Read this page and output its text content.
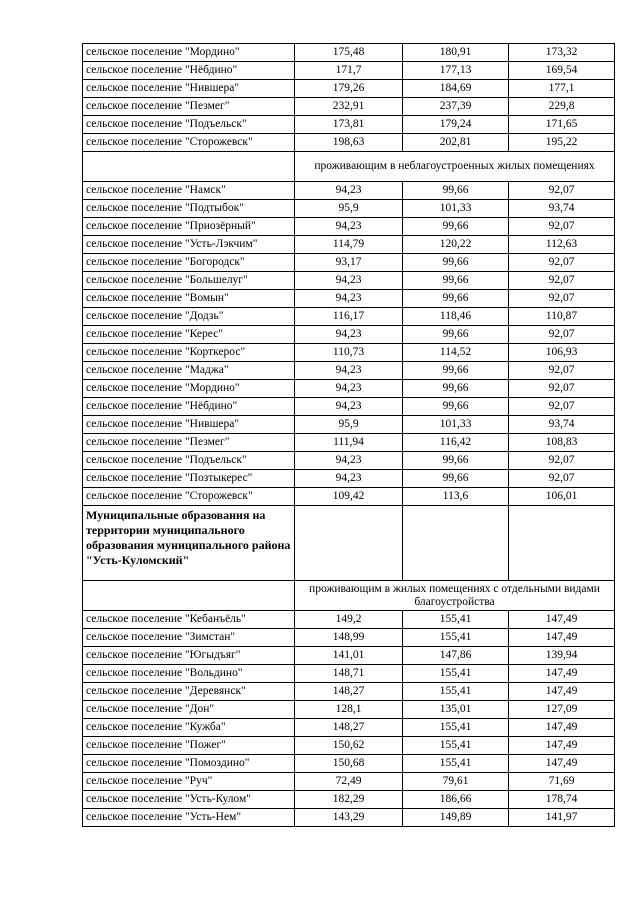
сельское поселение "Мордино"	175,48	180,91	173,32
сельское поселение "Нёбдино"	171,7	177,13	169,54
сельское поселение "Нившера"	179,26	184,69	177,1
сельское поселение "Пезмег"	232,91	237,39	229,8
сельское поселение "Подъельск"	173,81	179,24	171,65
сельское поселение "Сторожевск"	198,63	202,81	195,22
	проживающим в неблагоустроенных жилых помещениях		
сельское поселение "Намск"	94,23	99,66	92,07
сельское поселение "Подтыбок"	95,9	101,33	93,74
сельское поселение "Приозёрный"	94,23	99,66	92,07
сельское поселение "Усть-Лэкчим"	114,79	120,22	112,63
сельское поселение "Богородск"	93,17	99,66	92,07
сельское поселение "Большелуг"	94,23	99,66	92,07
сельское поселение "Вомын"	94,23	99,66	92,07
сельское поселение "Додзь"	116,17	118,46	110,87
сельское поселение "Керес"	94,23	99,66	92,07
сельское поселение "Корткерос"	110,73	114,52	106,93
сельское поселение "Маджа"	94,23	99,66	92,07
сельское поселение "Мордино"	94,23	99,66	92,07
сельское поселение "Нёбдино"	94,23	99,66	92,07
сельское поселение "Нившера"	95,9	101,33	93,74
сельское поселение "Пезмег"	111,94	116,42	108,83
сельское поселение "Подъельск"	94,23	99,66	92,07
сельское поселение "Позтыкерес"	94,23	99,66	92,07
сельское поселение "Сторожевск"	109,42	113,6	106,01
Муниципальные образования на территории муниципального образования муниципального района "Усть-Куломский"			
	проживающим в жилых помещениях с отдельными видами благоустройства		
сельское поселение "Кебанъёль"	149,2	155,41	147,49
сельское поселение "Зимстан"	148,99	155,41	147,49
сельское поселение "Югыдъяг"	141,01	147,86	139,94
сельское поселение "Вольдино"	148,71	155,41	147,49
сельское поселение "Деревянск"	148,27	155,41	147,49
сельское поселение "Дон"	128,1	135,01	127,09
сельское поселение "Кужба"	148,27	155,41	147,49
сельское поселение "Пожег"	150,62	155,41	147,49
сельское поселение "Помоздино"	150,68	155,41	147,49
сельское поселение "Руч"	72,49	79,61	71,69
сельское поселение "Усть-Кулом"	182,29	186,66	178,74
сельское поселение "Усть-Нем"	143,29	149,89	141,97
